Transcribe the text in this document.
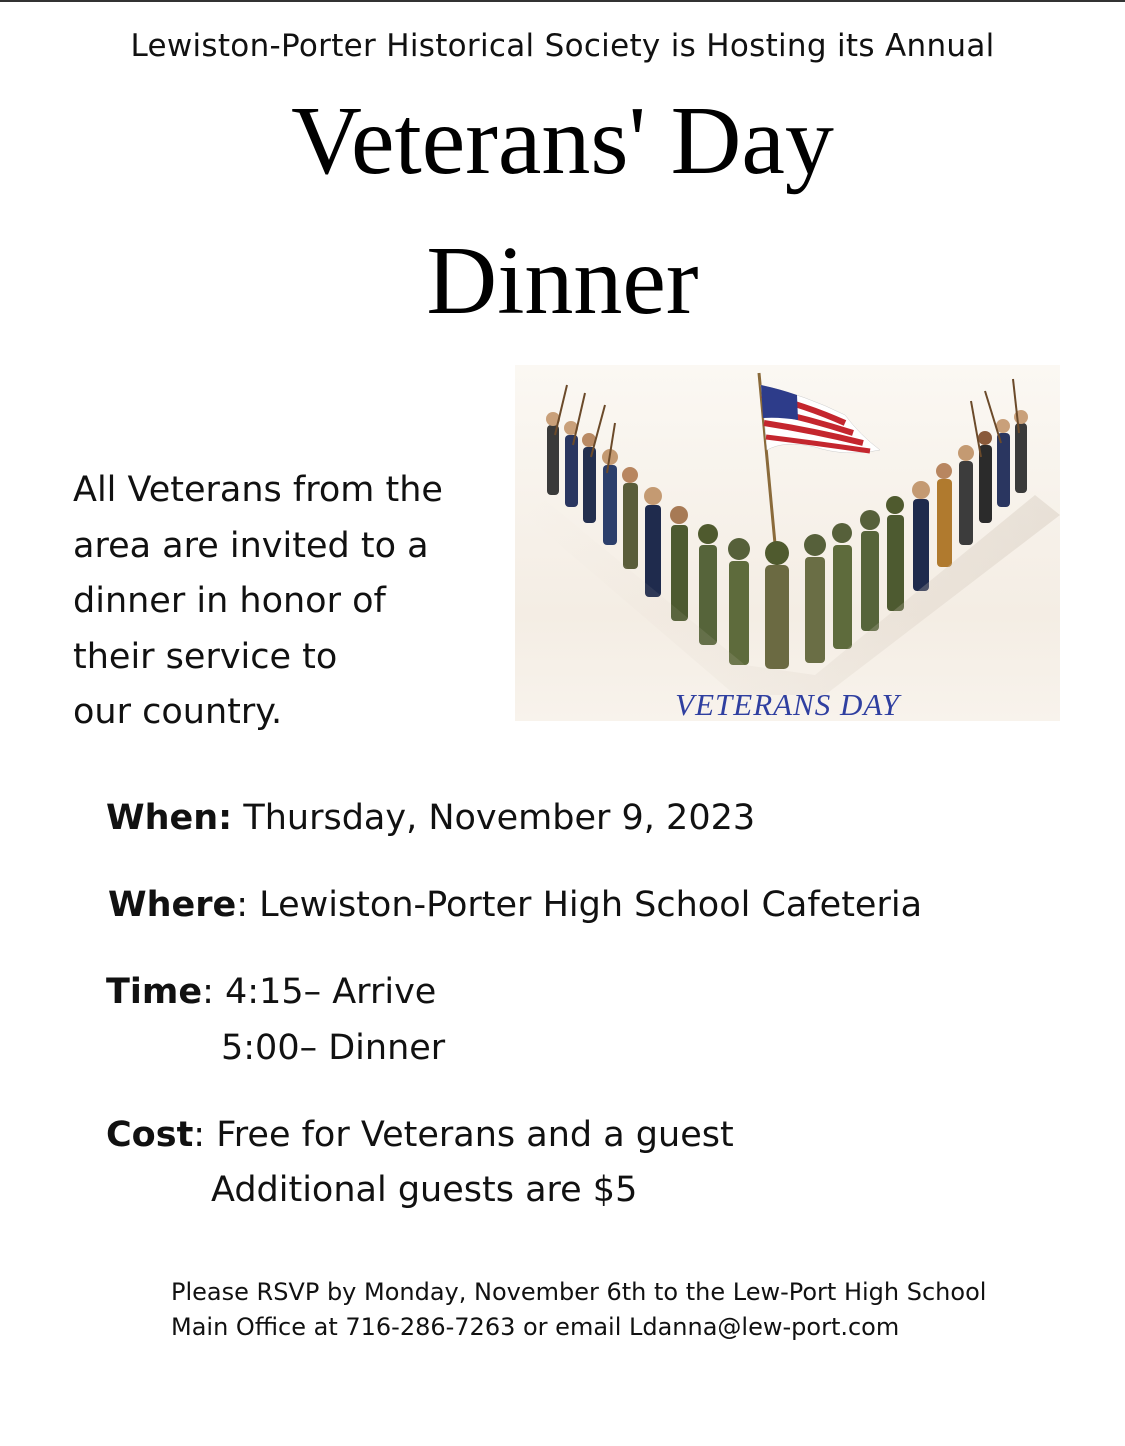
Lewiston-Porter Historical Society is Hosting its Annual
Veterans' Day
Dinner
All Veterans from the
area are invited to a
dinner in honor of
their service to
our country.	VETERANS DAY
When: Thursday, November 9, 2023
Where: Lewiston-Porter High School Cafeteria
Time: 4:15– Arrive
5:00– Dinner
Cost: Free for Veterans and a guest
Additional guests are $5
Please RSVP by Monday, November 6th to the Lew-Port High School
Main Office at 716-286-7263 or email Ldanna@lew-port.com
